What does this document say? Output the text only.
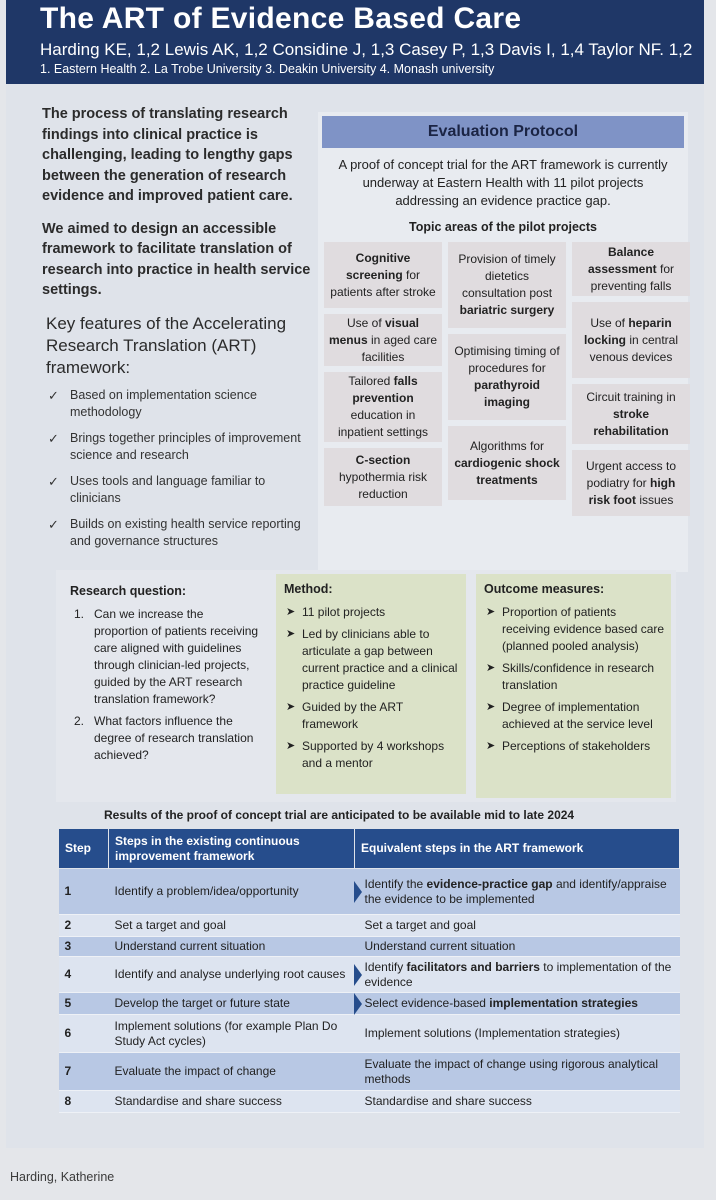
The ART of Evidence Based Care
Harding KE, 1,2 Lewis AK, 1,2 Considine J, 1,3 Casey P, 1,3 Davis I, 1,4 Taylor NF. 1,2
1. Eastern Health 2. La Trobe University 3. Deakin University 4. Monash university

The process of translating research findings into clinical practice is challenging, leading to lengthy gaps between the generation of research evidence and improved patient care.

We aimed to design an accessible framework to facilitate translation of research into practice in health service settings.

Key features of the Accelerating Research Translation (ART) framework:
✓ Based on implementation science methodology
✓ Brings together principles of improvement science and research
✓ Uses tools and language familiar to clinicians
✓ Builds on existing health service reporting and governance structures
Evaluation Protocol

A proof of concept trial for the ART framework is currently underway at Eastern Health with 11 pilot projects addressing an evidence practice gap.

Topic areas of the pilot projects
Cognitive screening for patients after stroke
Use of visual menus in aged care facilities
Tailored falls prevention education in inpatient settings
C-section hypothermia risk reduction
Provision of timely dietetics consultation post bariatric surgery
Optimising timing of procedures for parathyroid imaging
Algorithms for cardiogenic shock treatments
Balance assessment for preventing falls
Use of heparin locking in central venous devices
Circuit training in stroke rehabilitation
Urgent access to podiatry for high risk foot issues
Research question:
1. Can we increase the proportion of patients receiving care aligned with guidelines through clinician-led projects, guided by the ART research translation framework?
2. What factors influence the degree of research translation achieved?
Method:
➤ 11 pilot projects
➤ Led by clinicians able to articulate a gap between current practice and a clinical practice guideline
➤ Guided by the ART framework
➤ Supported by 4 workshops and a mentor
Outcome measures:
➤ Proportion of patients receiving evidence based care (planned pooled analysis)
➤ Skills/confidence in research translation
➤ Degree of implementation achieved at the service level
➤ Perceptions of stakeholders
Results of the proof of concept trial are anticipated to be available mid to late 2024
Step	Steps in the existing continuous improvement framework	Equivalent steps in the ART framework
1	Identify a problem/idea/opportunity	Identify the evidence-practice gap and identify/appraise the evidence to be implemented
2	Set a target and goal	Set a target and goal
3	Understand current situation	Understand current situation
4	Identify and analyse underlying root causes	Identify facilitators and barriers to implementation of the evidence
5	Develop the target or future state	Select evidence-based implementation strategies
6	Implement solutions (for example Plan Do Study Act cycles)	Implement solutions (Implementation strategies)
7	Evaluate the impact of change	Evaluate the impact of change using rigorous analytical methods
8	Standardise and share success	Standardise and share success
Harding, Katherine
